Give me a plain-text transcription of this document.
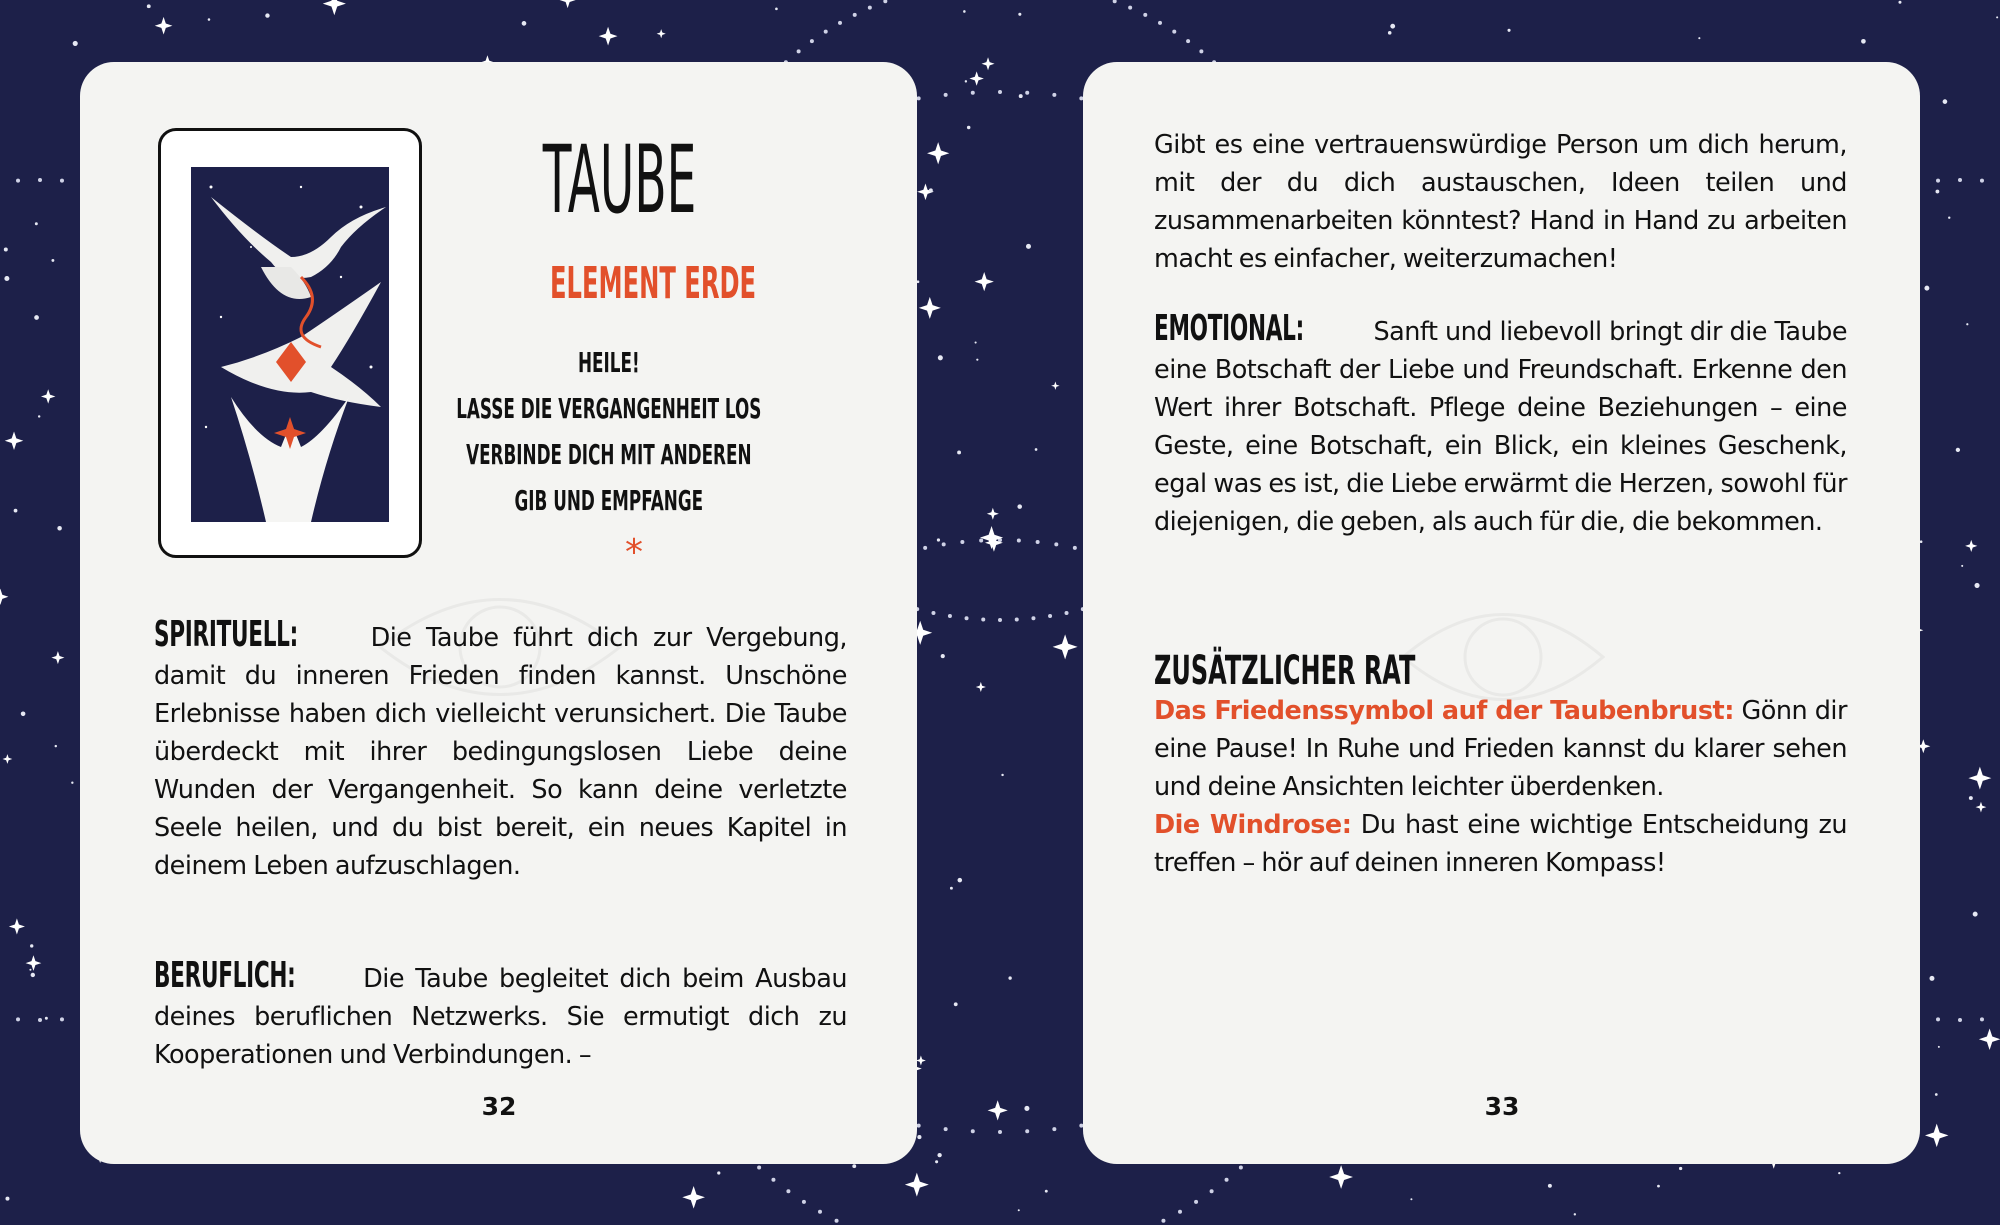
TAUBE
ELEMENT ERDE
HEILE!
LASSE DIE VERGANGENHEIT LOS
VERBINDE DICH MIT ANDEREN
GIB UND EMPFANGE
*
SPIRITUELL:	Die Taube führt dich zur Vergebung, damit du inneren Frieden finden kannst. Unschöne Erlebnisse haben dich vielleicht verunsichert. Die Taube überdeckt mit ihrer bedingungslosen Liebe deine Wunden der Vergangenheit. So kann deine verletzte Seele heilen, und du bist bereit, ein neues Kapitel in deinem Leben aufzuschlagen.
BERUFLICH:	Die Taube begleitet dich beim Ausbau deines beruflichen Netzwerks. Sie ermutigt dich zu Kooperationen und Verbindungen. –
32
Gibt es eine vertrauenswürdige Person um dich herum, mit der du dich austauschen, Ideen teilen und zusammenarbeiten könntest? Hand in Hand zu arbeiten macht es einfacher, weiterzumachen!
EMOTIONAL:	Sanft und liebevoll bringt dir die Taube eine Botschaft der Liebe und Freundschaft. Erkenne den Wert ihrer Botschaft. Pflege deine Beziehungen – eine Geste, eine Botschaft, ein Blick, ein kleines Geschenk, egal was es ist, die Liebe erwärmt die Herzen, sowohl für diejenigen, die geben, als auch für die, die bekommen.
ZUSÄTZLICHER RAT
Das Friedenssymbol auf der Taubenbrust: Gönn dir eine Pause! In Ruhe und Frieden kannst du klarer sehen und deine Ansichten leichter überdenken.
Die Windrose: Du hast eine wichtige Entscheidung zu treffen – hör auf deinen inneren Kompass!
33
